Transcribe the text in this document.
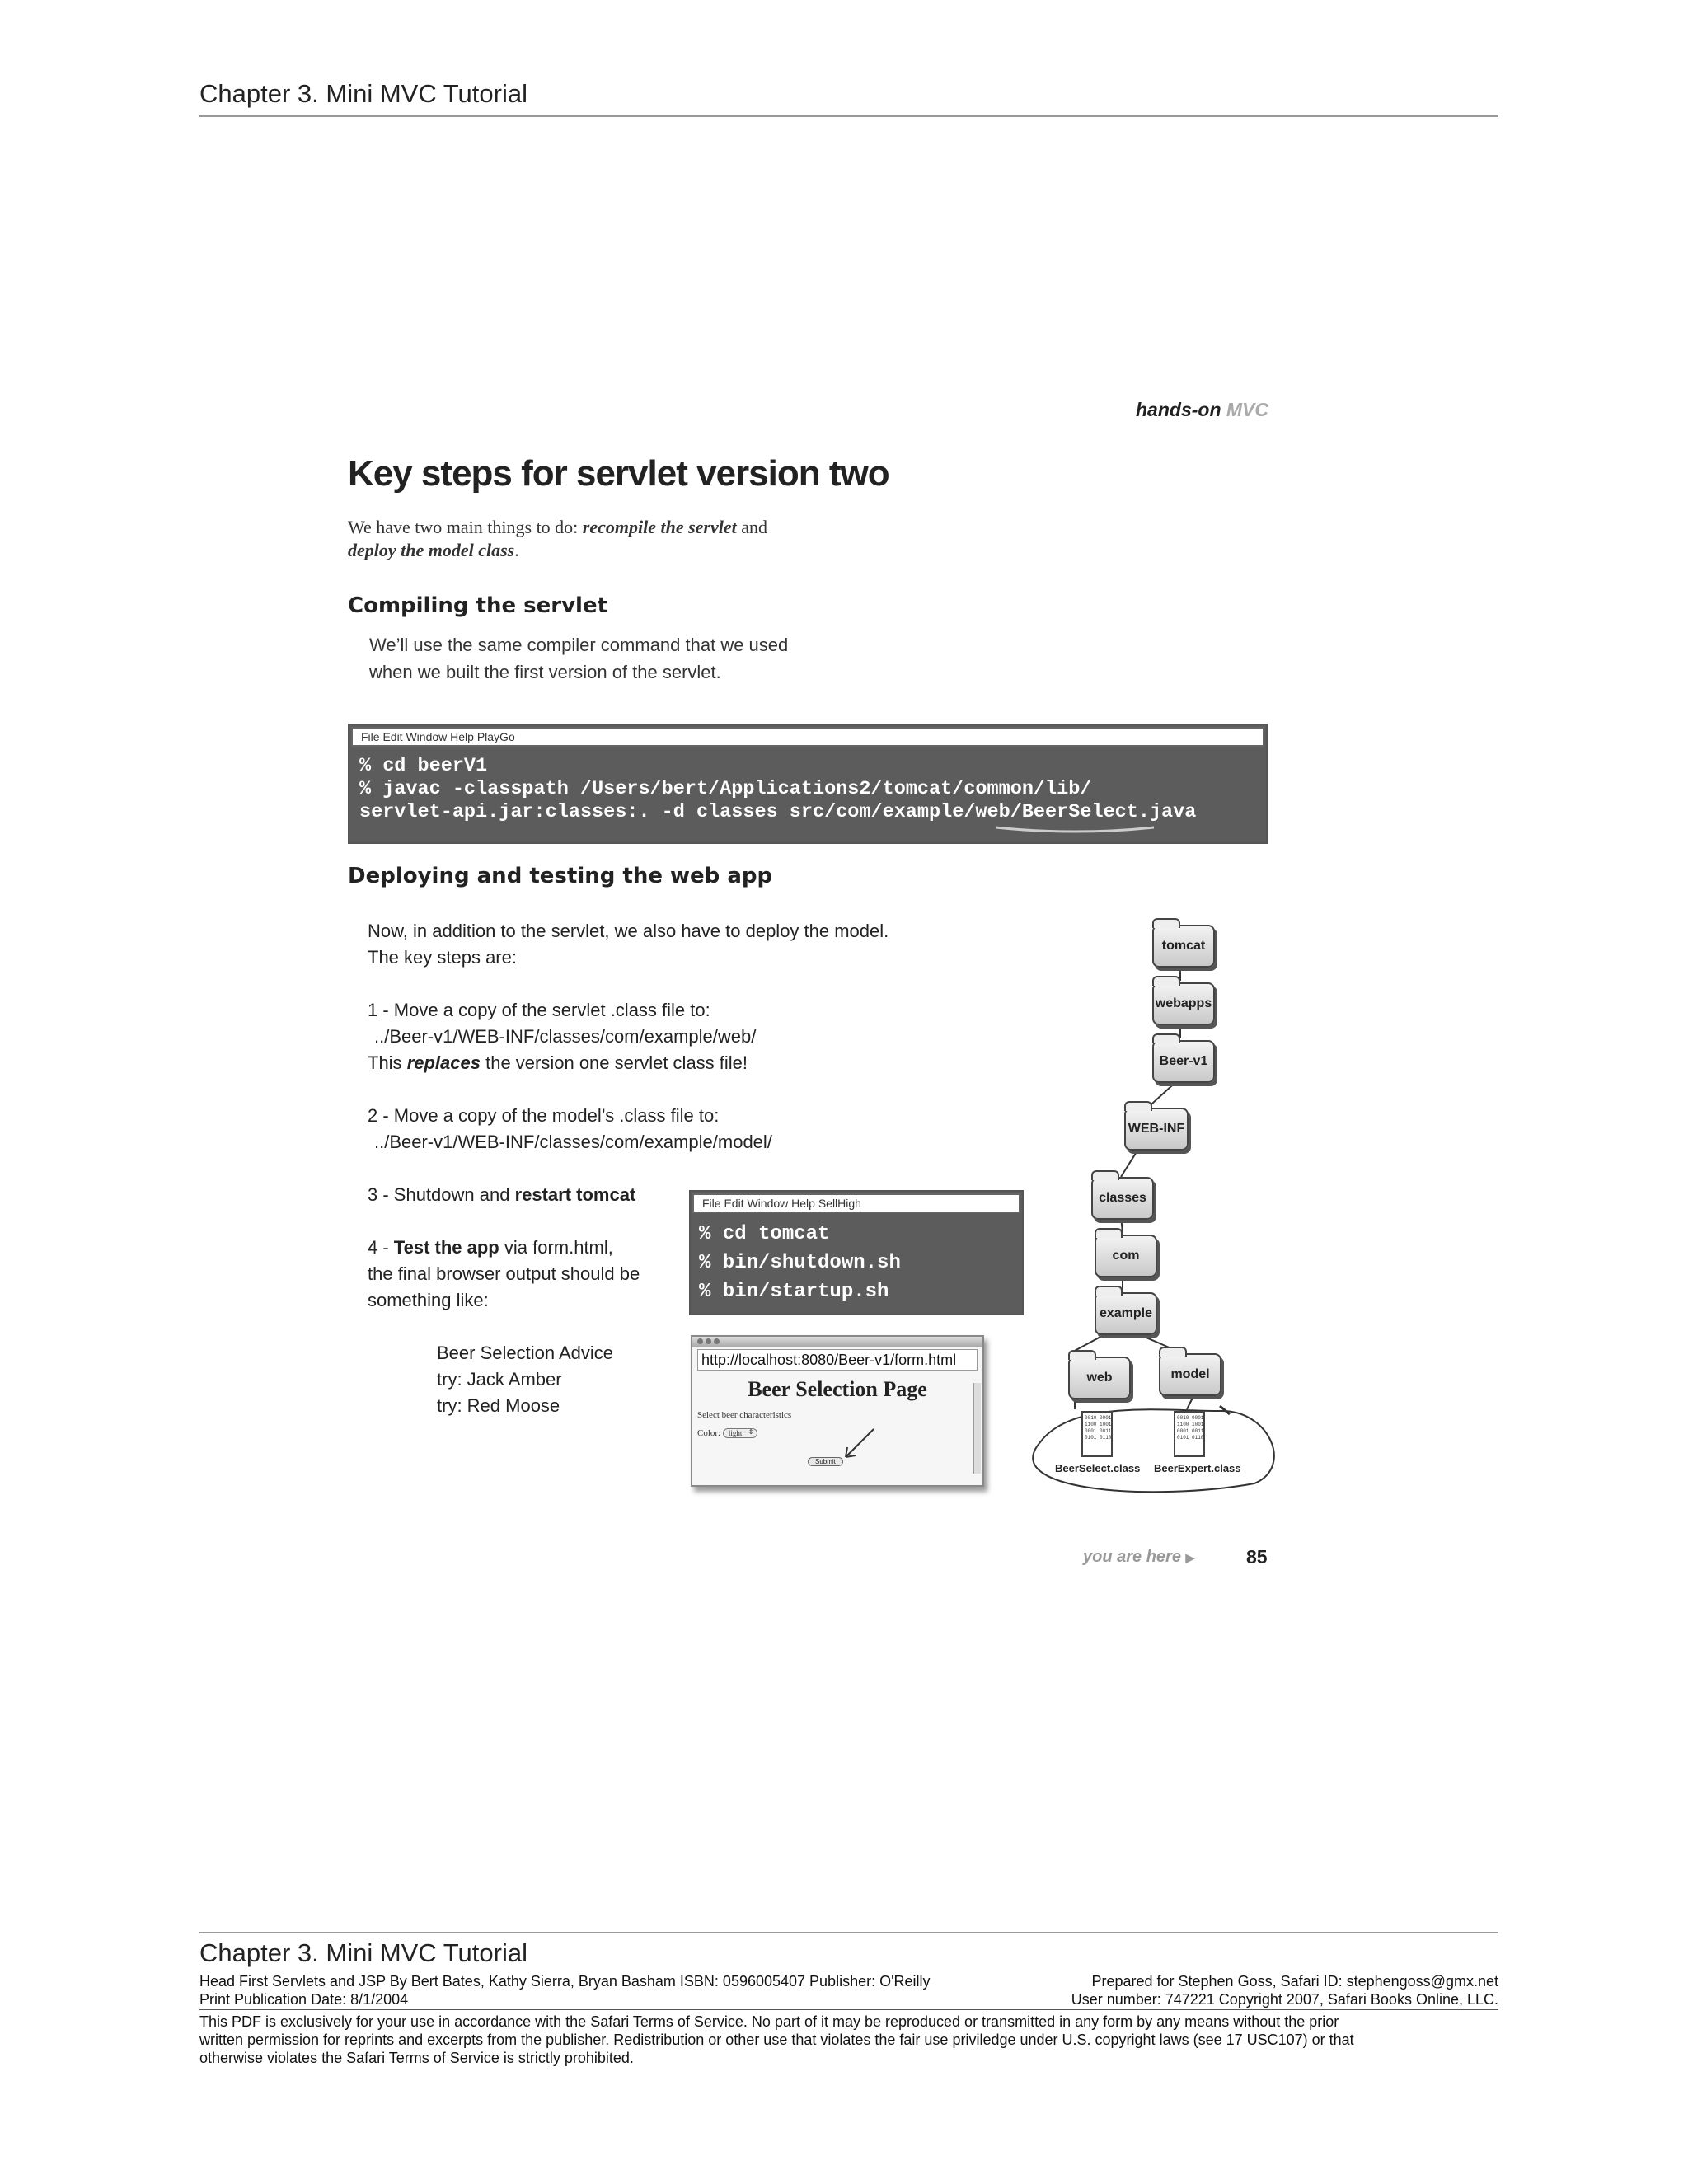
Chapter 3. Mini MVC Tutorial
hands-on MVC
Key steps for servlet version two
We have two main things to do: recompile the servlet and
deploy the model class.
Compiling the servlet
We’ll use the same compiler command that we used
when we built the first version of the servlet.
File Edit Window Help PlayGo
% cd beerV1
% javac -classpath /Users/bert/Applications2/tomcat/common/lib/
servlet-api.jar:classes:. -d classes src/com/example/web/BeerSelect.java
Deploying and testing the web app
Now, in addition to the servlet, we also have to deploy the model.
The key steps are:
1 - Move a copy of the servlet .class file to:
../Beer-v1/WEB-INF/classes/com/example/web/
This replaces the version one servlet class file!
2 - Move a copy of the model’s .class file to:
../Beer-v1/WEB-INF/classes/com/example/model/
3 - Shutdown and restart tomcat
4 - Test the app via form.html,
the final browser output should be
something like:
Beer Selection Advice
try: Jack Amber
try: Red Moose
File Edit Window Help SellHigh
% cd tomcat
% bin/shutdown.sh
% bin/startup.sh
http://localhost:8080/Beer-v1/form.html
Beer Selection Page
Select beer characteristics
Color: light ⇕
Submit
tomcat
webapps
Beer-v1
WEB-INF
classes
com
example
web	model
0010 0001
1100 1001
0001 0011
0101 0110
0010 0001
1100 1001
0001 0011
0101 0110
BeerSelect.class BeerExpert.class
you are here ▶	85
Chapter 3. Mini MVC Tutorial
Head First Servlets and JSP By Bert Bates, Kathy Sierra, Bryan Basham ISBN: 0596005407 Publisher: O'Reilly	Prepared for Stephen Goss, Safari ID: stephengoss@gmx.net
Print Publication Date: 8/1/2004	User number: 747221 Copyright 2007, Safari Books Online, LLC.
This PDF is exclusively for your use in accordance with the Safari Terms of Service. No part of it may be reproduced or transmitted in any form by any means without the prior
written permission for reprints and excerpts from the publisher. Redistribution or other use that violates the fair use priviledge under U.S. copyright laws (see 17 USC107) or that
otherwise violates the Safari Terms of Service is strictly prohibited.
